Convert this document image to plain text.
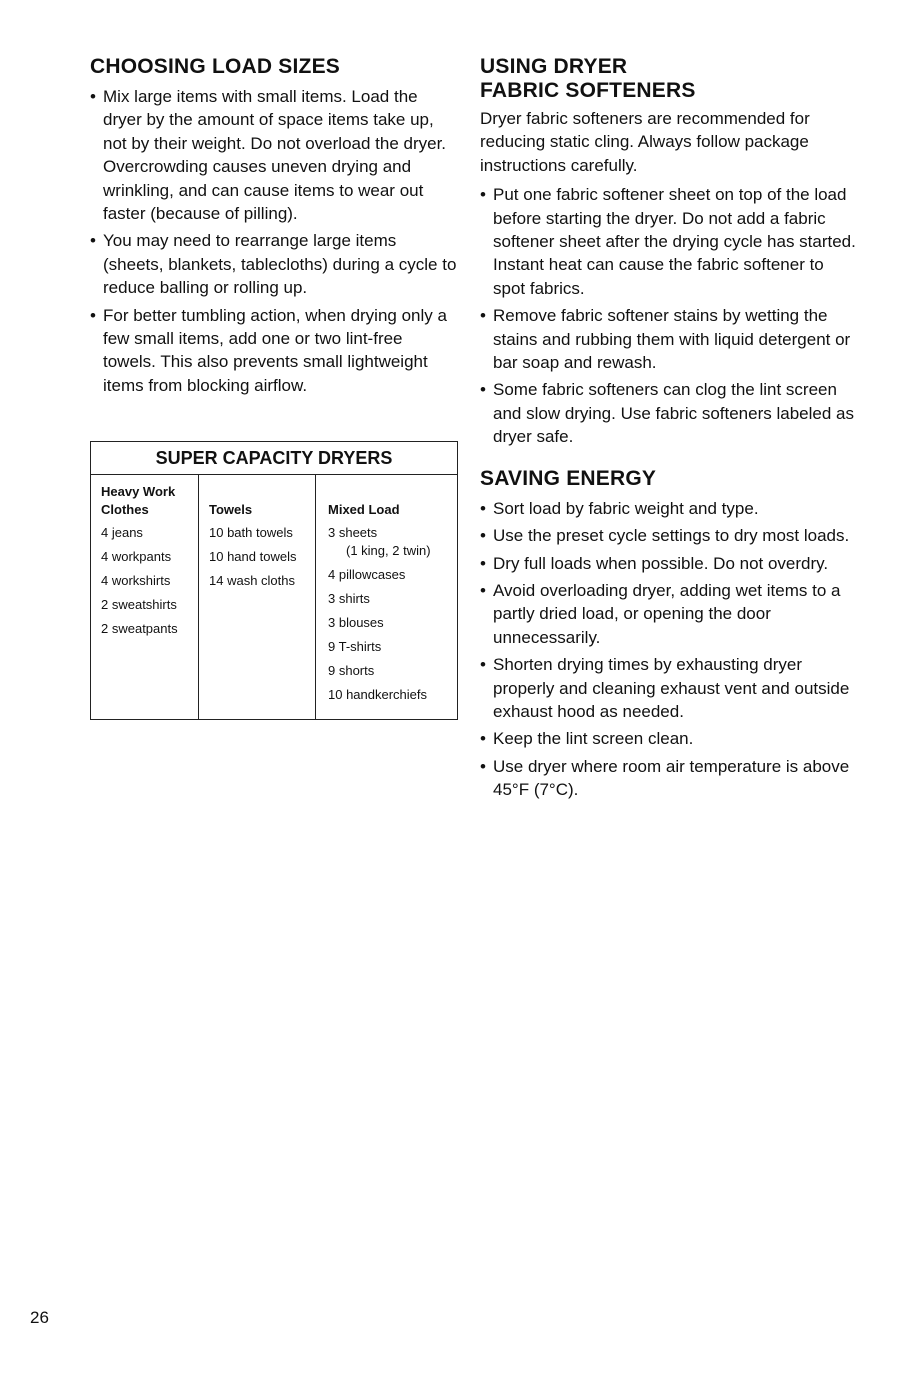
CHOOSING LOAD SIZES
• Mix large items with small items. Load the dryer by the amount of space items take up, not by their weight. Do not overload the dryer. Overcrowding causes uneven drying and wrinkling, and can cause items to wear out faster (because of pilling).
• You may need to rearrange large items (sheets, blankets, tablecloths) during a cycle to reduce balling or rolling up.
• For better tumbling action, when drying only a few small items, add one or two lint-free towels. This also prevents small lightweight items from blocking airflow.
SUPER CAPACITY DRYERS
Heavy Work Clothes
4 jeans
4 workpants
4 workshirts
2 sweatshirts
2 sweatpants
Towels
10 bath towels
10 hand towels
14 wash cloths
Mixed Load
3 sheets
(1 king, 2 twin)
4 pillowcases
3 shirts
3 blouses
9 T-shirts
9 shorts
10 handkerchiefs
USING DRYER
FABRIC SOFTENERS

Dryer fabric softeners are recommended for reducing static cling. Always follow package instructions carefully.

• Put one fabric softener sheet on top of the load before starting the dryer. Do not add a fabric softener sheet after the drying cycle has started. Instant heat can cause the fabric softener to spot fabrics.
• Remove fabric softener stains by wetting the stains and rubbing them with liquid detergent or bar soap and rewash.
• Some fabric softeners can clog the lint screen and slow drying. Use fabric softeners labeled as dryer safe.
SAVING ENERGY
• Sort load by fabric weight and type.
• Use the preset cycle settings to dry most loads.
• Dry full loads when possible. Do not overdry.
• Avoid overloading dryer, adding wet items to a partly dried load, or opening the door unnecessarily.
• Shorten drying times by exhausting dryer properly and cleaning exhaust vent and outside exhaust hood as needed.
• Keep the lint screen clean.
• Use dryer where room air temperature is above 45°F (7°C).
26
